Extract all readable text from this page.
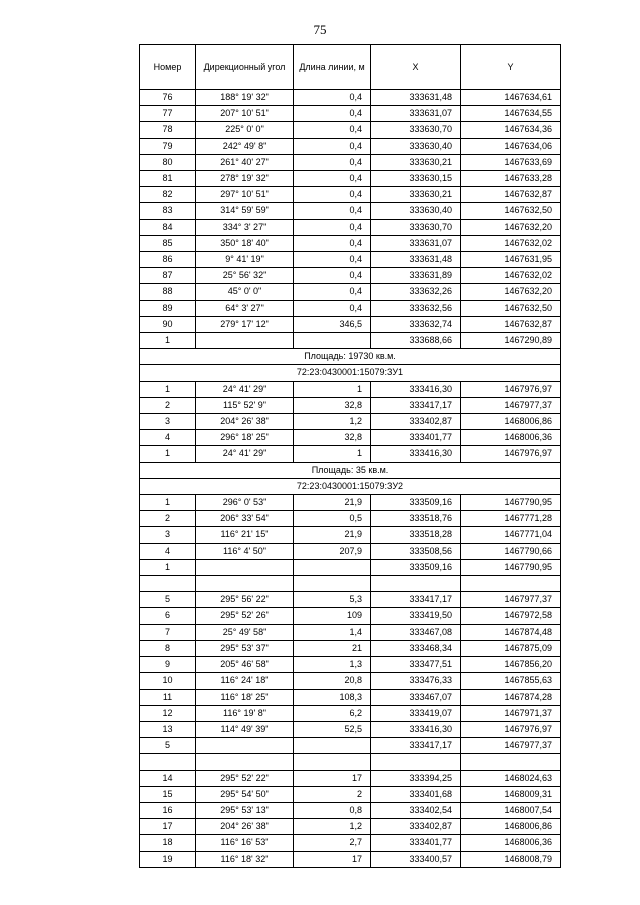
75
Номер	Дирекционный угол	Длина линии, м	X	Y
76	188° 19' 32"	0,4	333631,48	1467634,61
77	207° 10' 51"	0,4	333631,07	1467634,55
78	225° 0' 0"	0,4	333630,70	1467634,36
79	242° 49' 8"	0,4	333630,40	1467634,06
80	261° 40' 27"	0,4	333630,21	1467633,69
81	278° 19' 32"	0,4	333630,15	1467633,28
82	297° 10' 51"	0,4	333630,21	1467632,87
83	314° 59' 59"	0,4	333630,40	1467632,50
84	334° 3' 27"	0,4	333630,70	1467632,20
85	350° 18' 40"	0,4	333631,07	1467632,02
86	9° 41' 19"	0,4	333631,48	1467631,95
87	25° 56' 32"	0,4	333631,89	1467632,02
88	45° 0' 0"	0,4	333632,26	1467632,20
89	64° 3' 27"	0,4	333632,56	1467632,50
90	279° 17' 12"	346,5	333632,74	1467632,87
1			333688,66	1467290,89
Площадь: 19730 кв.м.				
72:23:0430001:15079:ЗУ1				
1	24° 41' 29"	1	333416,30	1467976,97
2	115° 52' 9"	32,8	333417,17	1467977,37
3	204° 26' 38"	1,2	333402,87	1468006,86
4	296° 18' 25"	32,8	333401,77	1468006,36
1	24° 41' 29"	1	333416,30	1467976,97
Площадь: 35 кв.м.				
72:23:0430001:15079:ЗУ2				
1	296° 0' 53"	21,9	333509,16	1467790,95
2	206° 33' 54"	0,5	333518,76	1467771,28
3	116° 21' 15"	21,9	333518,28	1467771,04
4	116° 4' 50"	207,9	333508,56	1467790,66
1			333509,16	1467790,95

5	295° 56' 22"	5,3	333417,17	1467977,37
6	295° 52' 26"	109	333419,50	1467972,58
7	25° 49' 58"	1,4	333467,08	1467874,48
8	295° 53' 37"	21	333468,34	1467875,09
9	205° 46' 58"	1,3	333477,51	1467856,20
10	116° 24' 18"	20,8	333476,33	1467855,63
11	116° 18' 25"	108,3	333467,07	1467874,28
12	116° 19' 8"	6,2	333419,07	1467971,37
13	114° 49' 39"	52,5	333416,30	1467976,97
5			333417,17	1467977,37

14	295° 52' 22"	17	333394,25	1468024,63
15	295° 54' 50"	2	333401,68	1468009,31
16	295° 53' 13"	0,8	333402,54	1468007,54
17	204° 26' 38"	1,2	333402,87	1468006,86
18	116° 16' 53"	2,7	333401,77	1468006,36
19	116° 18' 32"	17	333400,57	1468008,79
